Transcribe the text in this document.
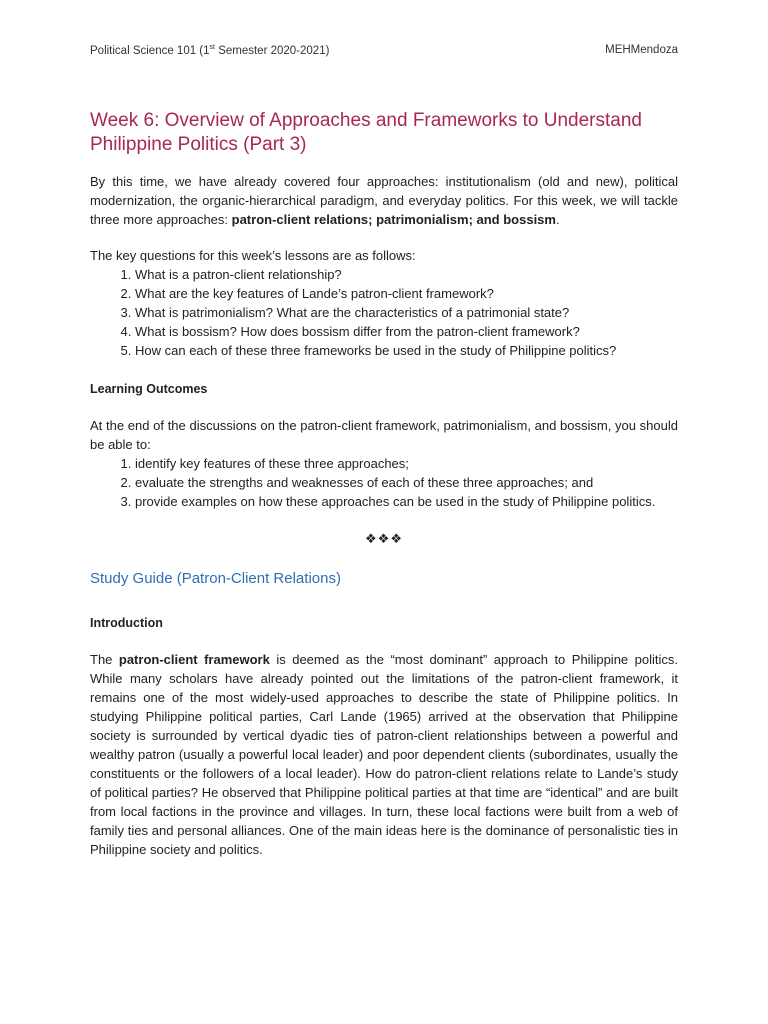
Political Science 101 (1st Semester 2020-2021)	MEHMendoza
Week 6: Overview of Approaches and Frameworks to Understand Philippine Politics (Part 3)

By this time, we have already covered four approaches: institutionalism (old and new), political modernization, the organic-hierarchical paradigm, and everyday politics. For this week, we will tackle three more approaches: patron-client relations; patrimonialism; and bossism.

The key questions for this week’s lessons are as follows:

1. What is a patron-client relationship?
2. What are the key features of Lande’s patron-client framework?
3. What is patrimonialism? What are the characteristics of a patrimonial state?
4. What is bossism? How does bossism differ from the patron-client framework?
5. How can each of these three frameworks be used in the study of Philippine politics?

Learning Outcomes

At the end of the discussions on the patron-client framework, patrimonialism, and bossism, you should be able to:

1. identify key features of these three approaches;
2. evaluate the strengths and weaknesses of each of these three approaches; and
3. provide examples on how these approaches can be used in the study of Philippine politics.
❖❖❖
Study Guide (Patron-Client Relations)

Introduction

The patron-client framework is deemed as the “most dominant” approach to Philippine politics. While many scholars have already pointed out the limitations of the patron-client framework, it remains one of the most widely-used approaches to describe the state of Philippine politics. In studying Philippine political parties, Carl Lande (1965) arrived at the observation that Philippine society is surrounded by vertical dyadic ties of patron-client relationships between a powerful and wealthy patron (usually a powerful local leader) and poor dependent clients (subordinates, usually the constituents or the followers of a local leader). How do patron-client relations relate to Lande’s study of political parties? He observed that Philippine political parties at that time are “identical” and are built from local factions in the province and villages. In turn, these local factions were built from a web of family ties and personal alliances. One of the main ideas here is the dominance of personalistic ties in Philippine society and politics.
